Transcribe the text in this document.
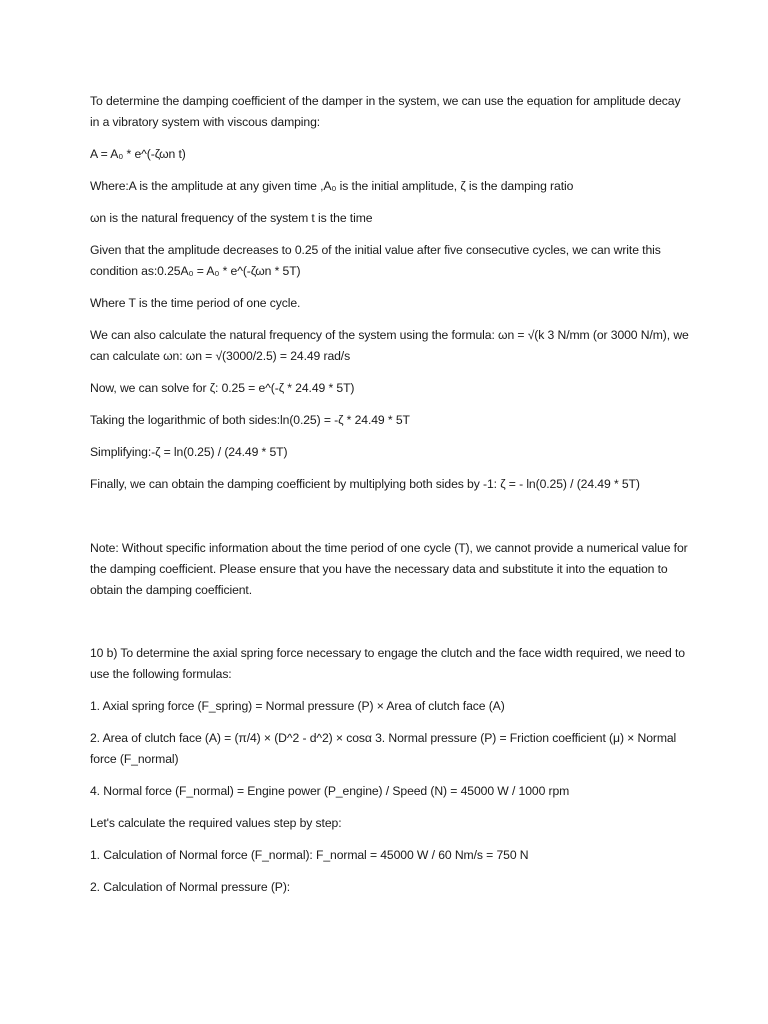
To determine the damping coefficient of the damper in the system, we can use the equation for amplitude decay in a vibratory system with viscous damping:

A = A₀ * e^(-ζωn t)

Where:A is the amplitude at any given time ,A₀ is the initial amplitude, ζ is the damping ratio

ωn is the natural frequency of the system t is the time

Given that the amplitude decreases to 0.25 of the initial value after five consecutive cycles, we can write this condition as:0.25A₀ = A₀ * e^(-ζωn * 5T)

Where T is the time period of one cycle.

We can also calculate the natural frequency of the system using the formula: ωn = √(k 3 N/mm (or 3000 N/m), we can calculate ωn: ωn = √(3000/2.5) = 24.49 rad/s

Now, we can solve for ζ: 0.25 = e^(-ζ * 24.49 * 5T)

Taking the logarithmic of both sides:ln(0.25) = -ζ * 24.49 * 5T

Simplifying:-ζ = ln(0.25) / (24.49 * 5T)

Finally, we can obtain the damping coefficient by multiplying both sides by -1: ζ = - ln(0.25) / (24.49 * 5T)

Note: Without specific information about the time period of one cycle (T), we cannot provide a numerical value for the damping coefficient. Please ensure that you have the necessary data and substitute it into the equation to obtain the damping coefficient.

10 b) To determine the axial spring force necessary to engage the clutch and the face width required, we need to use the following formulas:

1. Axial spring force (F_spring) = Normal pressure (P) × Area of clutch face (A)

2. Area of clutch face (A) = (π/4) × (D^2 - d^2) × cosα 3. Normal pressure (P) = Friction coefficient (μ) × Normal force (F_normal)

4. Normal force (F_normal) = Engine power (P_engine) / Speed (N) = 45000 W / 1000 rpm

Let's calculate the required values step by step:

1. Calculation of Normal force (F_normal): F_normal = 45000 W / 60 Nm/s = 750 N

2. Calculation of Normal pressure (P):
